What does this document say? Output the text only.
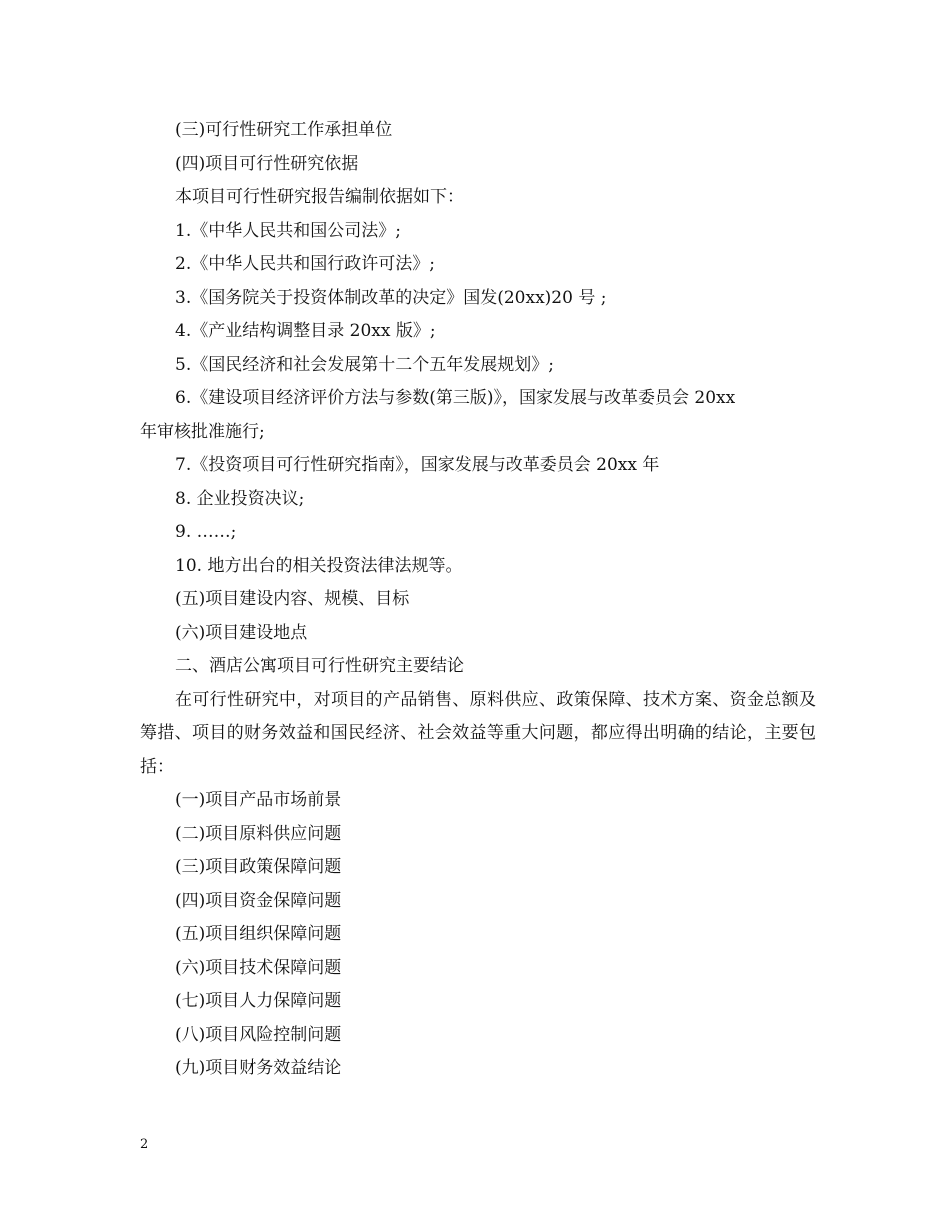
(三)可行性研究工作承担单位
(四)项目可行性研究依据
本项目可行性研究报告编制依据如下：
1.《中华人民共和国公司法》;
2.《中华人民共和国行政许可法》;
3.《国务院关于投资体制改革的决定》国发(20xx)20 号 ;
4.《产业结构调整目录 20xx 版》;
5.《国民经济和社会发展第十二个五年发展规划》;
6.《建设项目经济评价方法与参数(第三版)》，国家发展与改革委员会 20xx
年审核批准施行;
7.《投资项目可行性研究指南》，国家发展与改革委员会 20xx 年
8. 企业投资决议;
9. ……;
10. 地方出台的相关投资法律法规等。
(五)项目建设内容、规模、目标
(六)项目建设地点
二、酒店公寓项目可行性研究主要结论
在可行性研究中，对项目的产品销售、原料供应、政策保障、技术方案、资金总额及筹措、项目的财务效益和国民经济、社会效益等重大问题，都应得出明确的结论，主要包括：
(一)项目产品市场前景
(二)项目原料供应问题
(三)项目政策保障问题
(四)项目资金保障问题
(五)项目组织保障问题
(六)项目技术保障问题
(七)项目人力保障问题
(八)项目风险控制问题
(九)项目财务效益结论
2
